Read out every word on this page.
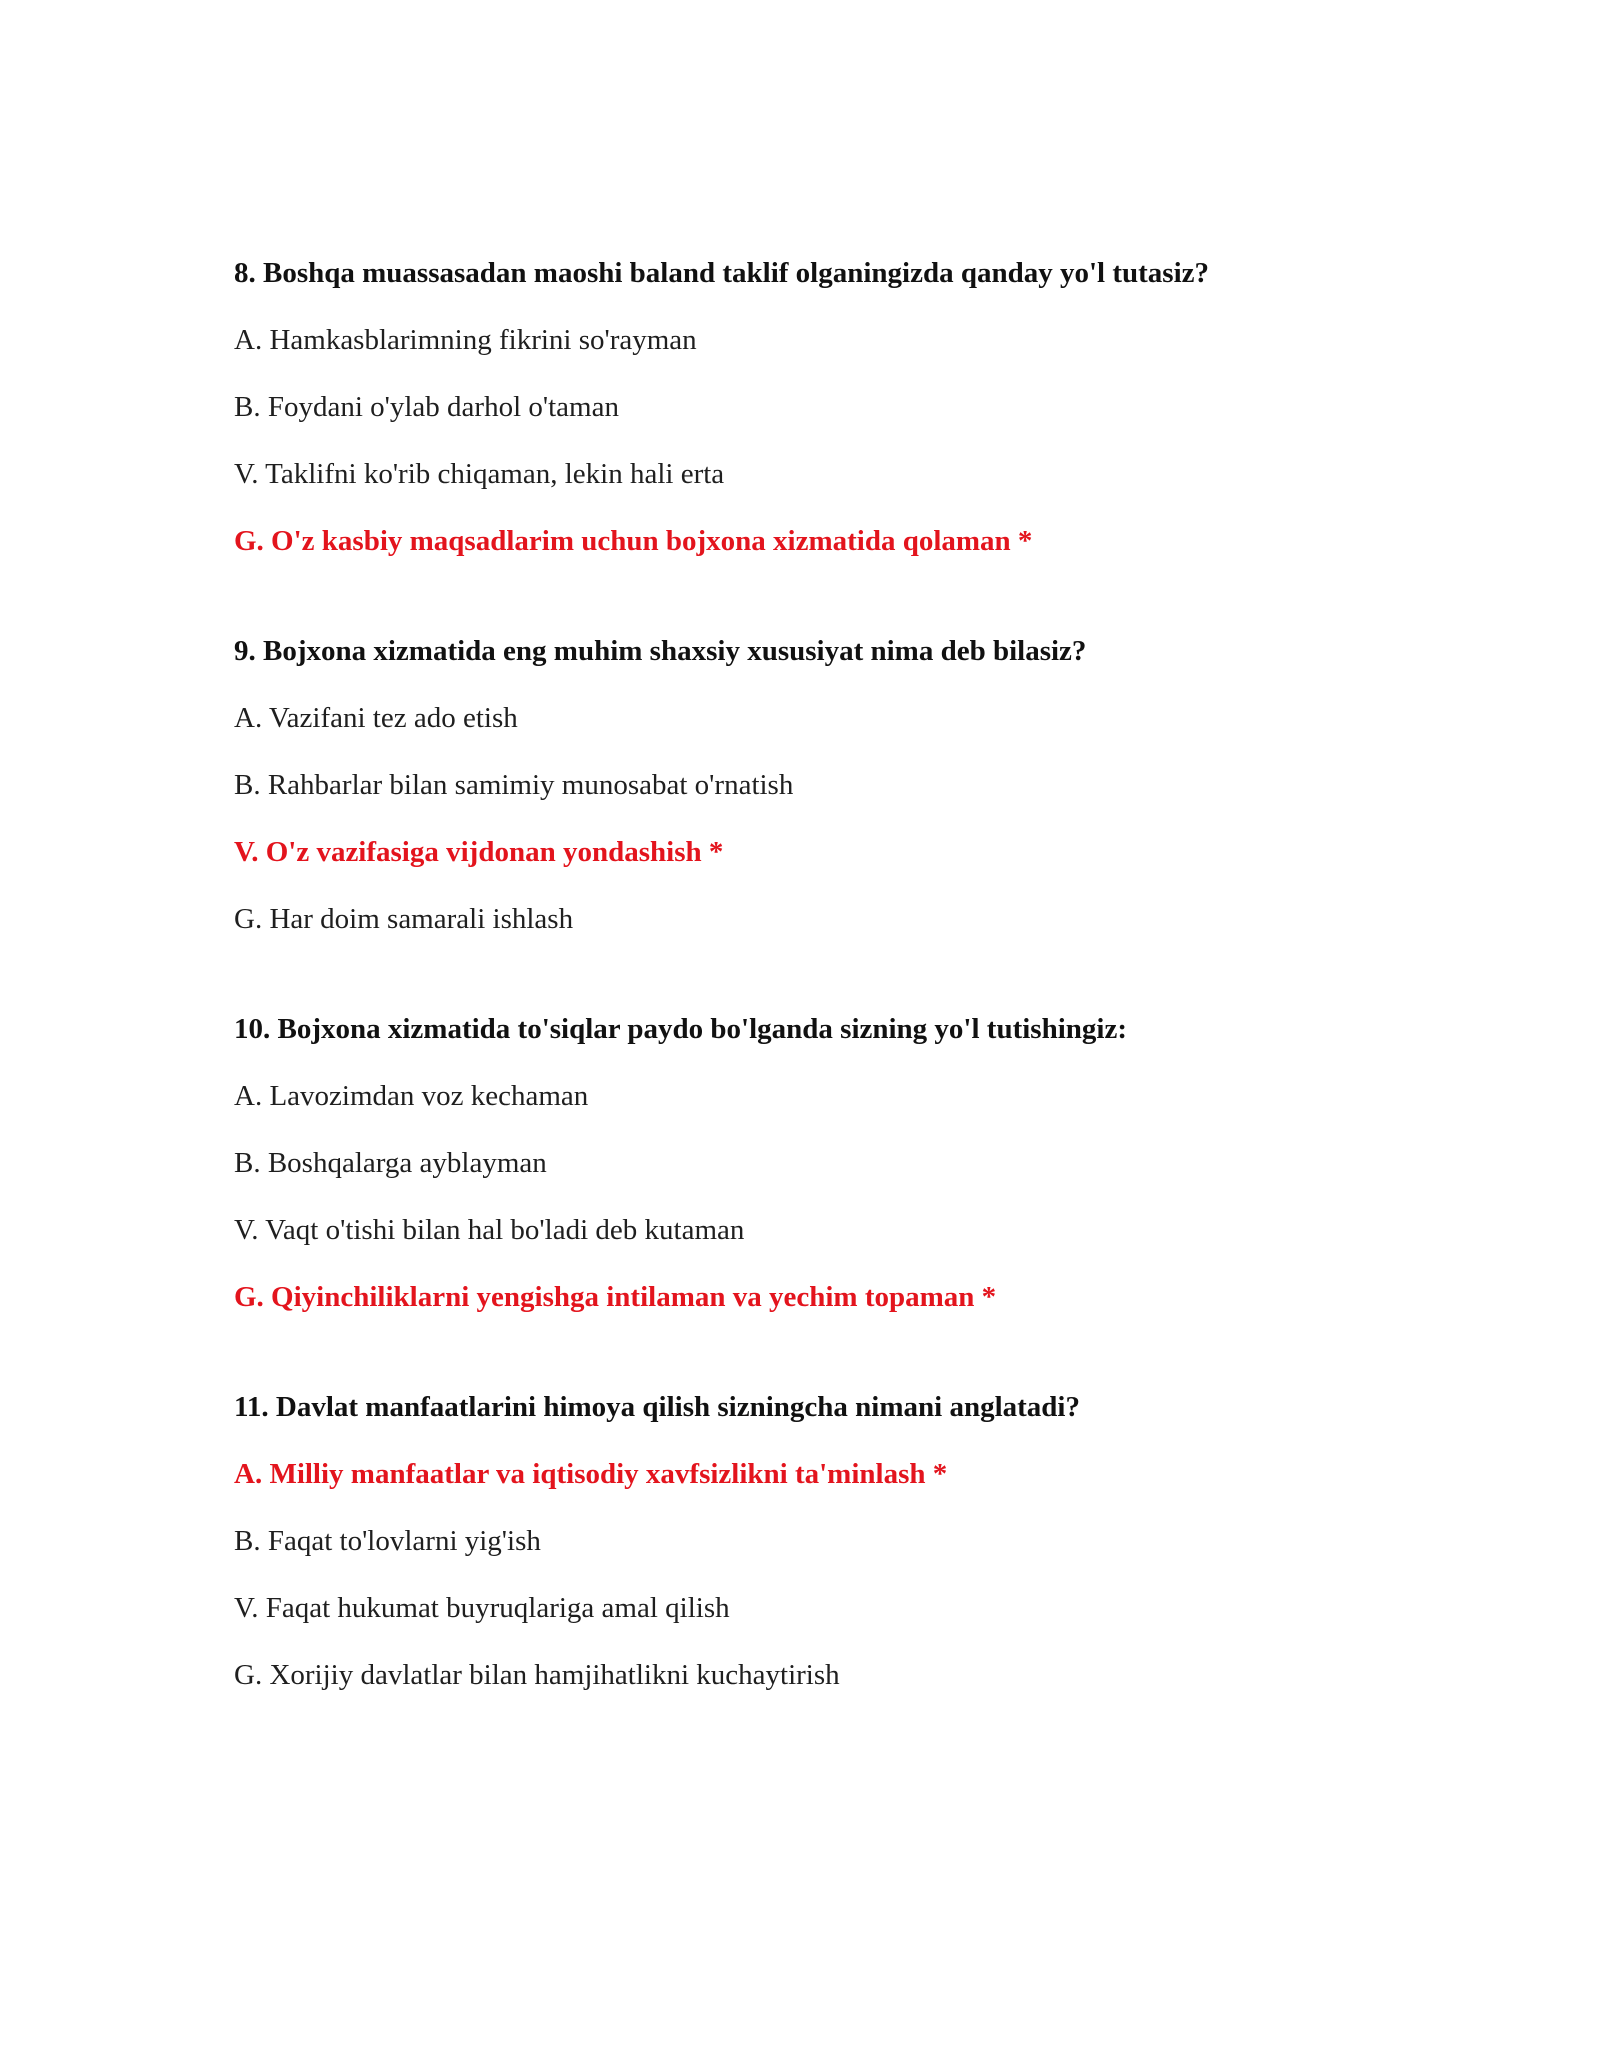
8. Boshqa muassasadan maoshi baland taklif olganingizda qanday yo'l tutasiz?
A. Hamkasblarimning fikrini so'rayman
B. Foydani o'ylab darhol o'taman
V. Taklifni ko'rib chiqaman, lekin hali erta
G. O'z kasbiy maqsadlarim uchun bojxona xizmatida qolaman *
9. Bojxona xizmatida eng muhim shaxsiy xususiyat nima deb bilasiz?
A. Vazifani tez ado etish
B. Rahbarlar bilan samimiy munosabat o'rnatish
V. O'z vazifasiga vijdonan yondashish *
G. Har doim samarali ishlash
10. Bojxona xizmatida to'siqlar paydo bo'lganda sizning yo'l tutishingiz:
A. Lavozimdan voz kechaman
B. Boshqalarga ayblayman
V. Vaqt o'tishi bilan hal bo'ladi deb kutaman
G. Qiyinchiliklarni yengishga intilaman va yechim topaman *
11. Davlat manfaatlarini himoya qilish sizningcha nimani anglatadi?
A. Milliy manfaatlar va iqtisodiy xavfsizlikni ta'minlash *
B. Faqat to'lovlarni yig'ish
V. Faqat hukumat buyruqlariga amal qilish
G. Xorijiy davlatlar bilan hamjihatlikni kuchaytirish
